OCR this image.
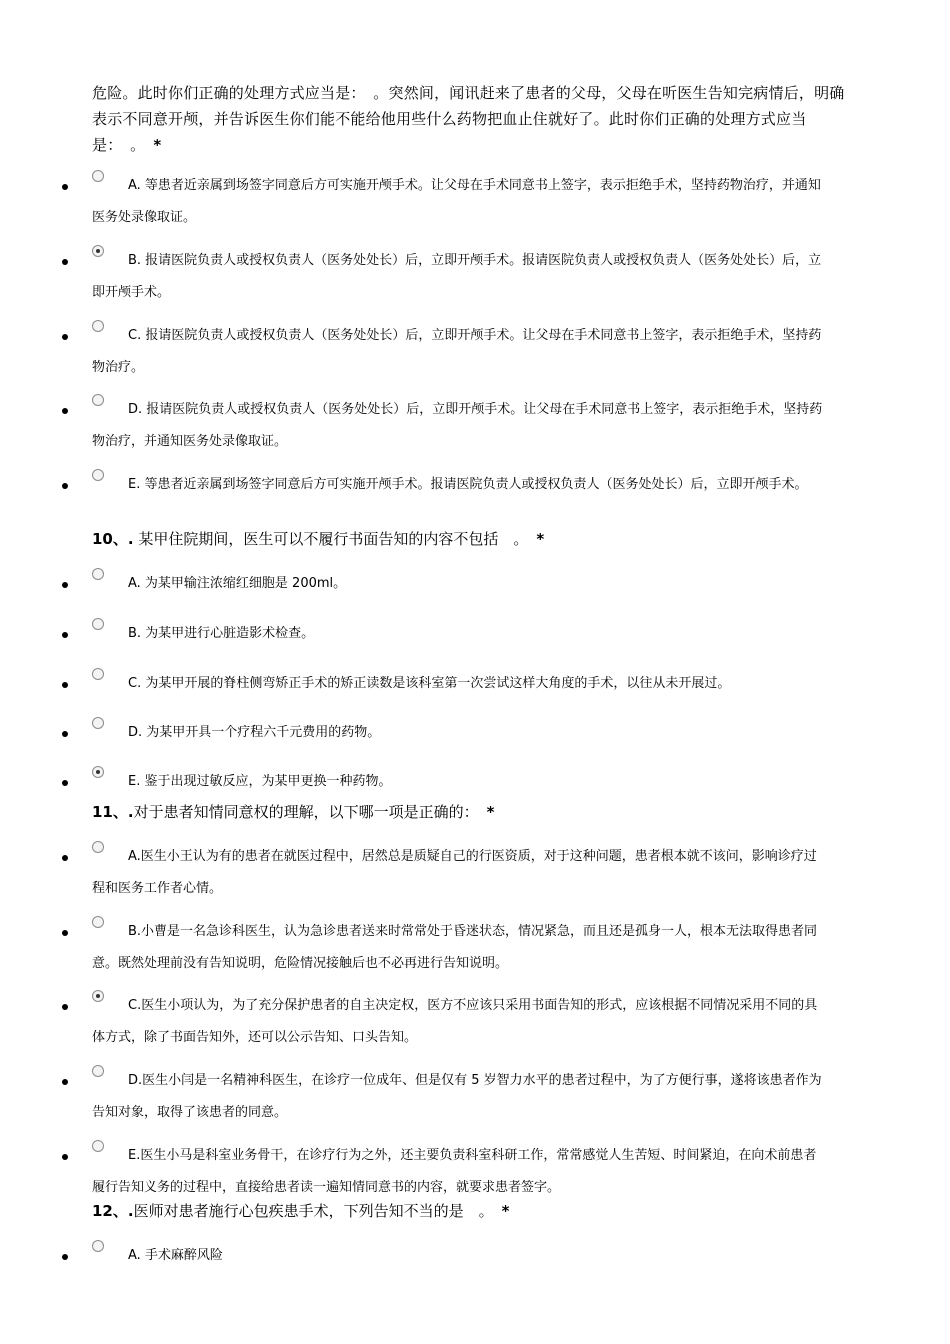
危险。此时你们正确的处理方式应当是：　。突然间，闻讯赶来了患者的父母，父母在听医生告知完病情后，明确表示不同意开颅，并告诉医生你们能不能给他用些什么药物把血止住就好了。此时你们正确的处理方式应当是：　。 *
A. 等患者近亲属到场签字同意后方可实施开颅手术。让父母在手术同意书上签字，表示拒绝手术，坚持药物治疗，并通知医务处录像取证。
B. 报请医院负责人或授权负责人（医务处处长）后，立即开颅手术。报请医院负责人或授权负责人（医务处处长）后，立即开颅手术。
C. 报请医院负责人或授权负责人（医务处处长）后，立即开颅手术。让父母在手术同意书上签字，表示拒绝手术，坚持药物治疗。
D. 报请医院负责人或授权负责人（医务处处长）后，立即开颅手术。让父母在手术同意书上签字，表示拒绝手术，坚持药物治疗，并通知医务处录像取证。
E. 等患者近亲属到场签字同意后方可实施开颅手术。报请医院负责人或授权负责人（医务处处长）后，立即开颅手术。
10、. 某甲住院期间，医生可以不履行书面告知的内容不包括　。 *
A. 为某甲输注浓缩红细胞是 200ml。
B. 为某甲进行心脏造影术检查。
C. 为某甲开展的脊柱侧弯矫正手术的矫正读数是该科室第一次尝试这样大角度的手术，以往从未开展过。
D. 为某甲开具一个疗程六千元费用的药物。
E. 鉴于出现过敏反应，为某甲更换一种药物。
11、.对于患者知情同意权的理解，以下哪一项是正确的： *
A.医生小王认为有的患者在就医过程中，居然总是质疑自己的行医资质，对于这种问题，患者根本就不该问，影响诊疗过程和医务工作者心情。
B.小曹是一名急诊科医生，认为急诊患者送来时常常处于昏迷状态，情况紧急，而且还是孤身一人，根本无法取得患者同意。既然处理前没有告知说明，危险情况接触后也不必再进行告知说明。
C.医生小项认为，为了充分保护患者的自主决定权，医方不应该只采用书面告知的形式，应该根据不同情况采用不同的具体方式，除了书面告知外，还可以公示告知、口头告知。
D.医生小闫是一名精神科医生，在诊疗一位成年、但是仅有 5 岁智力水平的患者过程中，为了方便行事，遂将该患者作为告知对象，取得了该患者的同意。
E.医生小马是科室业务骨干，在诊疗行为之外，还主要负责科室科研工作，常常感觉人生苦短、时间紧迫，在向术前患者履行告知义务的过程中，直接给患者读一遍知情同意书的内容，就要求患者签字。
12、.医师对患者施行心包疾患手术，下列告知不当的是　。 *
A. 手术麻醉风险
